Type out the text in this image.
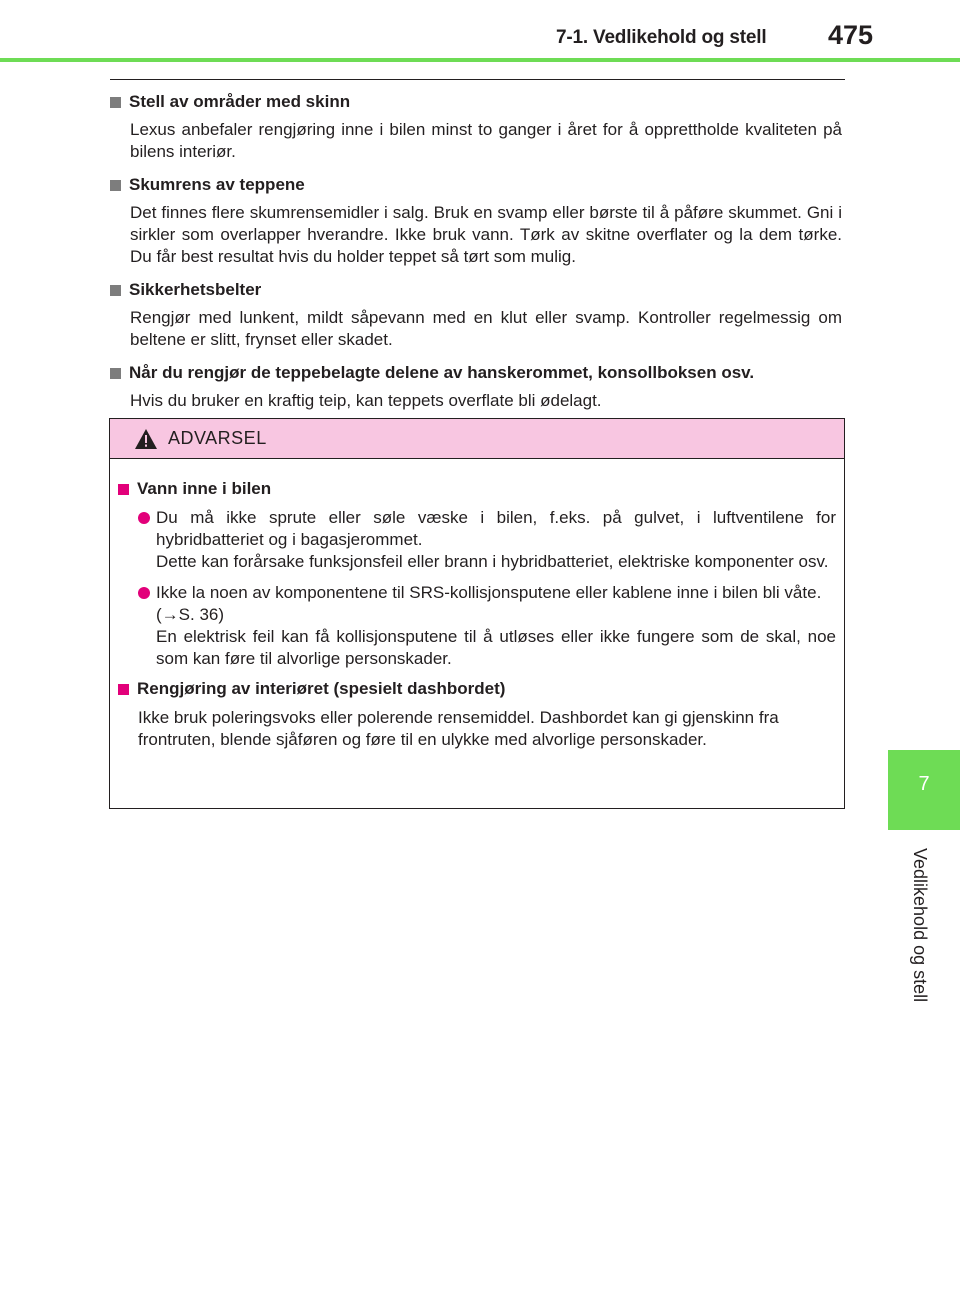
7-1. Vedlikehold og stell 475
Stell av områder med skinn
Lexus anbefaler rengjøring inne i bilen minst to ganger i året for å opprettholde kvaliteten på bilens interiør.
Skumrens av teppene
Det finnes flere skumrensemidler i salg. Bruk en svamp eller børste til å påføre skummet. Gni i sirkler som overlapper hverandre. Ikke bruk vann. Tørk av skitne overflater og la dem tørke. Du får best resultat hvis du holder teppet så tørt som mulig.
Sikkerhetsbelter
Rengjør med lunkent, mildt såpevann med en klut eller svamp. Kontroller regelmessig om beltene er slitt, frynset eller skadet.
Når du rengjør de teppebelagte delene av hanskerommet, konsollboksen osv.
Hvis du bruker en kraftig teip, kan teppets overflate bli ødelagt.
ADVARSEL
Vann inne i bilen
Du må ikke sprute eller søle væske i bilen, f.eks. på gulvet, i luftventilene for hybridbatteriet og i bagasjerommet.
Dette kan forårsake funksjonsfeil eller brann i hybridbatteriet, elektriske komponenter osv.
Ikke la noen av komponentene til SRS-kollisjonsputene eller kablene inne i bilen bli våte.
(→S. 36)
En elektrisk feil kan få kollisjonsputene til å utløses eller ikke fungere som de skal, noe som kan føre til alvorlige personskader.
Rengjøring av interiøret (spesielt dashbordet)
Ikke bruk poleringsvoks eller polerende rensemiddel. Dashbordet kan gi gjenskinn fra frontruten, blende sjåføren og føre til en ulykke med alvorlige personskader.
7
Vedlikehold og stell
